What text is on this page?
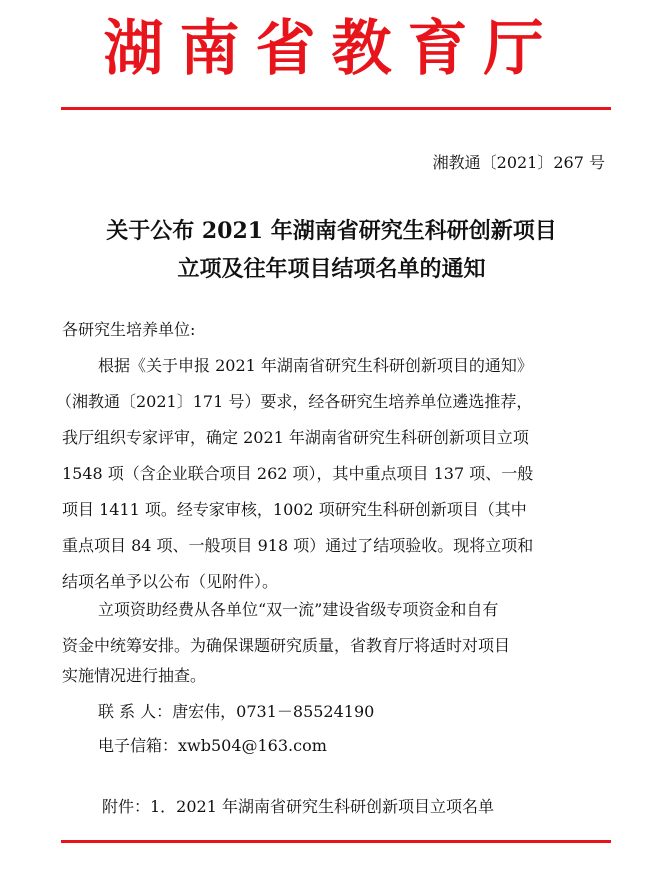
湖南省教育厅
湘教通〔2021〕267 号
关于公布 2021 年湖南省研究生科研创新项目
立项及往年项目结项名单的通知
各研究生培养单位:
根据《关于申报 2021 年湖南省研究生科研创新项目的通知》
（湘教通〔2021〕171 号）要求，经各研究生培养单位遴选推荐，
我厅组织专家评审，确定 2021 年湖南省研究生科研创新项目立项
1548 项（含企业联合项目 262 项），其中重点项目 137 项、一般
项目 1411 项。经专家审核，1002 项研究生科研创新项目（其中
重点项目 84 项、一般项目 918 项）通过了结项验收。现将立项和
结项名单予以公布（见附件）。
立项资助经费从各单位“双一流”建设省级专项资金和自有
资金中统筹安排。为确保课题研究质量，省教育厅将适时对项目
实施情况进行抽查。
联 系 人：唐宏伟，0731－85524190
电子信箱：xwb504@163.com
附件：1．2021 年湖南省研究生科研创新项目立项名单
